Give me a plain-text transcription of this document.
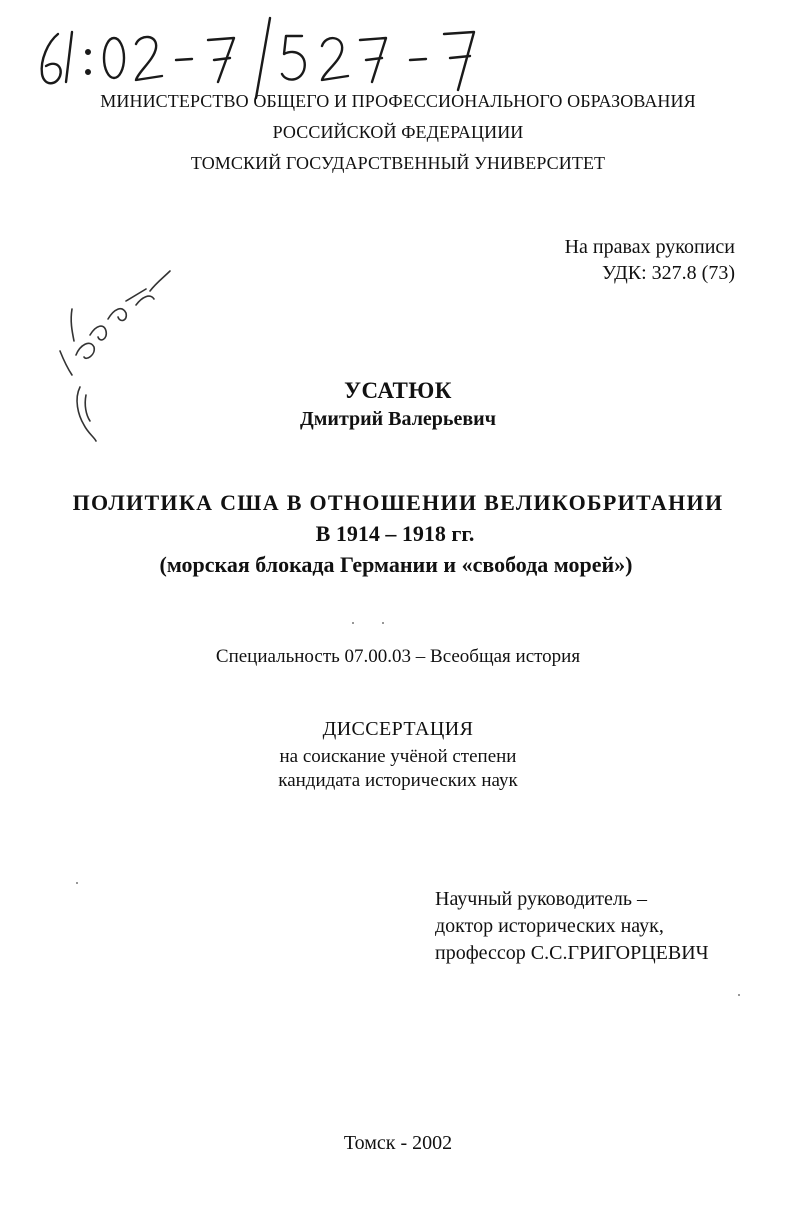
МИНИСТЕРСТВО ОБЩЕГО И ПРОФЕССИОНАЛЬНОГО ОБРАЗОВАНИЯ
РОССИЙСКОЙ ФЕДЕРАЦИИИ
ТОМСКИЙ ГОСУДАРСТВЕННЫЙ УНИВЕРСИТЕТ
На правах рукописи
УДК: 327.8 (73)
УСАТЮК
Дмитрий Валерьевич
ПОЛИТИКА США В ОТНОШЕНИИ ВЕЛИКОБРИТАНИИ
В 1914 – 1918 гг.
(морская блокада Германии и «свобода морей»)
Специальность 07.00.03 – Всеобщая история
ДИССЕРТАЦИЯ
на соискание учёной степени
кандидата исторических наук
Научный руководитель –
доктор исторических наук,
профессор С.С.ГРИГОРЦЕВИЧ
Томск - 2002
